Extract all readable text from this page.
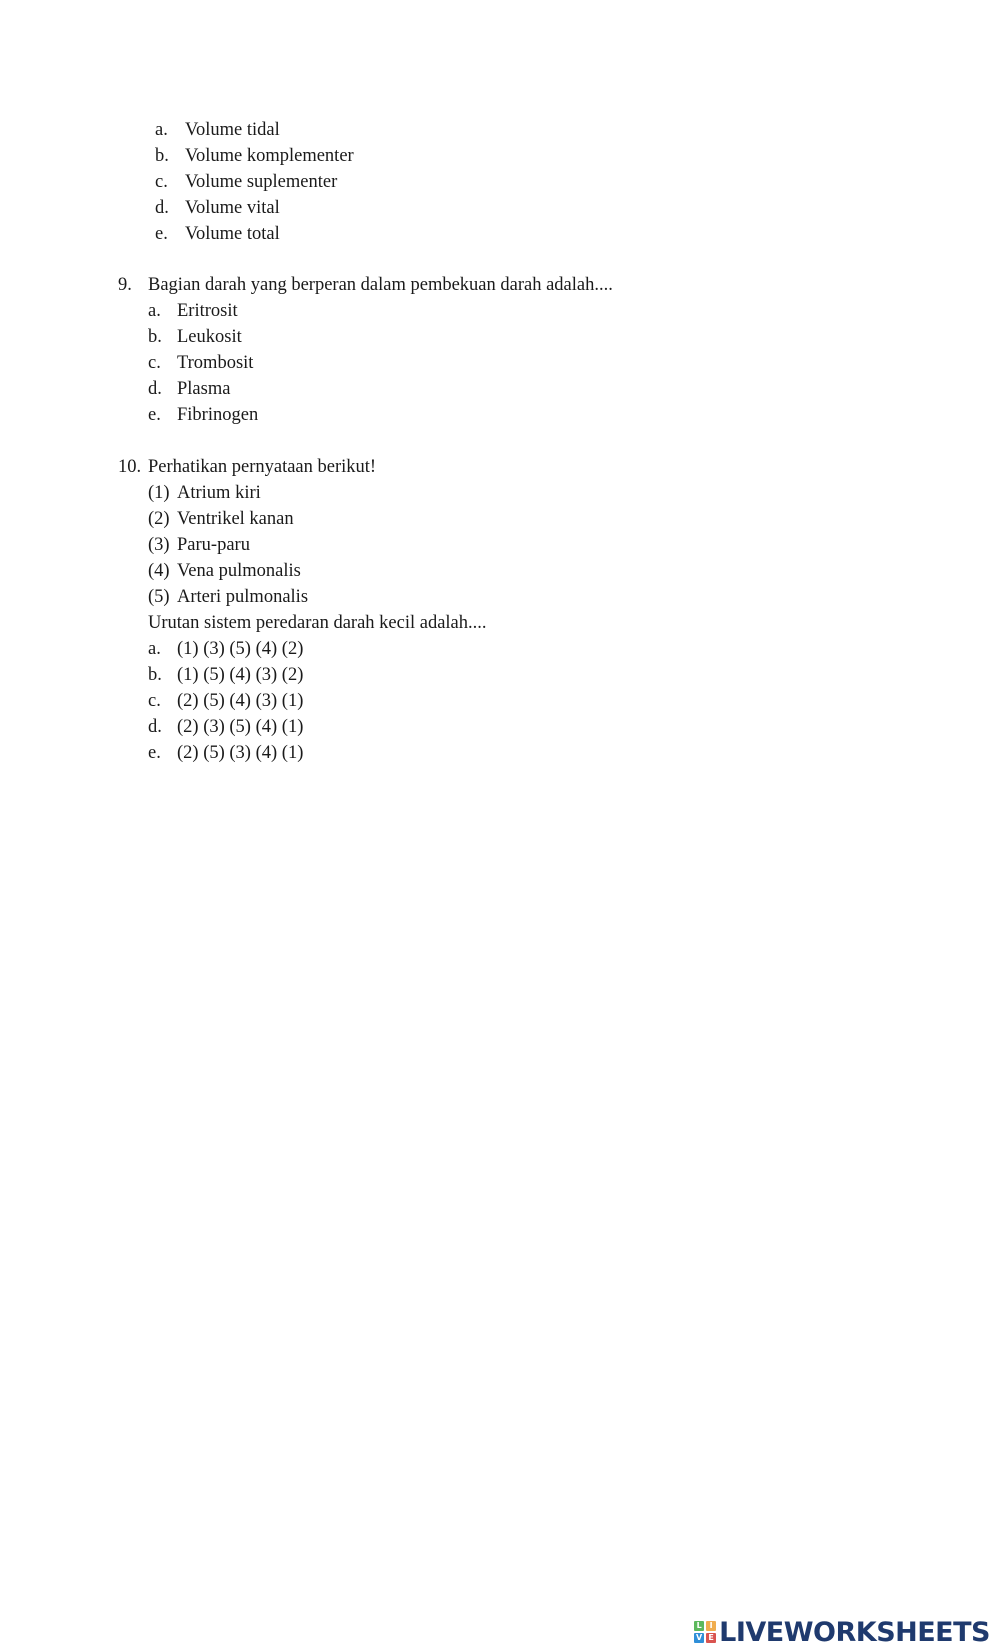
a. Volume tidal
b. Volume komplementer
c. Volume suplementer
d. Volume vital
e. Volume total
9. Bagian darah yang berperan dalam pembekuan darah adalah....
a. Eritrosit
b. Leukosit
c. Trombosit
d. Plasma
e. Fibrinogen
10. Perhatikan pernyataan berikut!
(1) Atrium kiri
(2) Ventrikel kanan
(3) Paru-paru
(4) Vena pulmonalis
(5) Arteri pulmonalis
Urutan sistem peredaran darah kecil adalah....
a. (1) (3) (5) (4) (2)
b. (1) (5) (4) (3) (2)
c. (2) (5) (4) (3) (1)
d. (2) (3) (5) (4) (1)
e. (2) (5) (3) (4) (1)
L I
V E LIVEWORKSHEETS
